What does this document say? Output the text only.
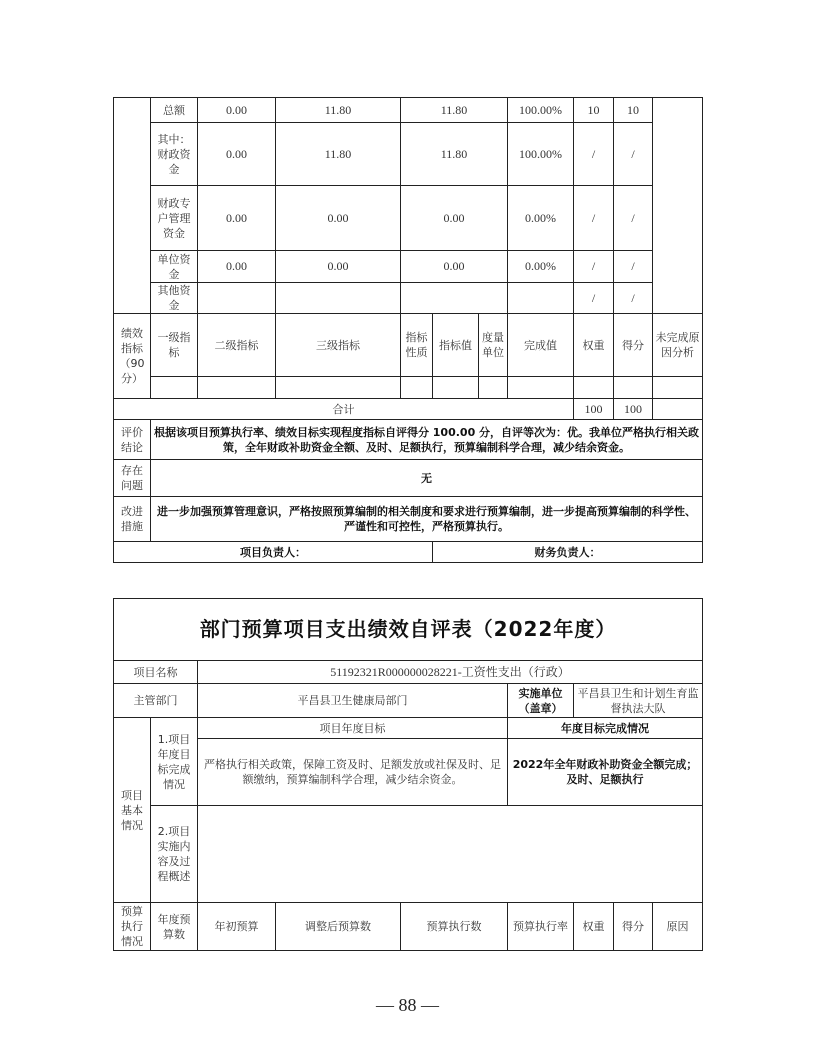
	总额	0.00	11.80	11.80			100.00%	10	10	
	其中：财政资金	0.00	11.80	11.80			100.00%	/	/	
	财政专户管理资金	0.00	0.00	0.00			0.00%	/	/	
	单位资金	0.00	0.00	0.00			0.00%	/	/	
	其他资金							/	/	
绩效指标（90分）	一级指标	二级指标	三级指标	指标性质	指标值	度量单位	完成值	权重	得分	未完成原因分析

合计								100	100	
评价结论	根据该项目预算执行率、绩效目标实现程度指标自评得分 100.00 分，自评等次为：优。我单位严格执行相关政策，全年财政补助资金全额、及时、足额执行，预算编制科学合理，减少结余资金。									
存在问题	无									
改进措施	进一步加强预算管理意识，严格按照预算编制的相关制度和要求进行预算编制，进一步提高预算编制的科学性、严谨性和可控性，严格预算执行。									
项目负责人：					财务负责人：					
部门预算项目支出绩效自评表（2022年度）								
项目名称		51192321R000000028221-工资性支出（行政）						
主管部门		平昌县卫生健康局部门			实施单位（盖章）	平昌县卫生和计划生育监督执法大队		
项目基本情况	1.项目年度目标完成情况	项目年度目标			年度目标完成情况			
		严格执行相关政策，保障工资及时、足额发放或社保及时、足额缴纳，预算编制科学合理，减少结余资金。			2022年全年财政补助资金全额完成；及时、足额执行			
	2.项目实施内容及过程概述							
预算执行情况	年度预算数	年初预算	调整后预算数	预算执行数	预算执行率	权重	得分	原因
— 88 —
